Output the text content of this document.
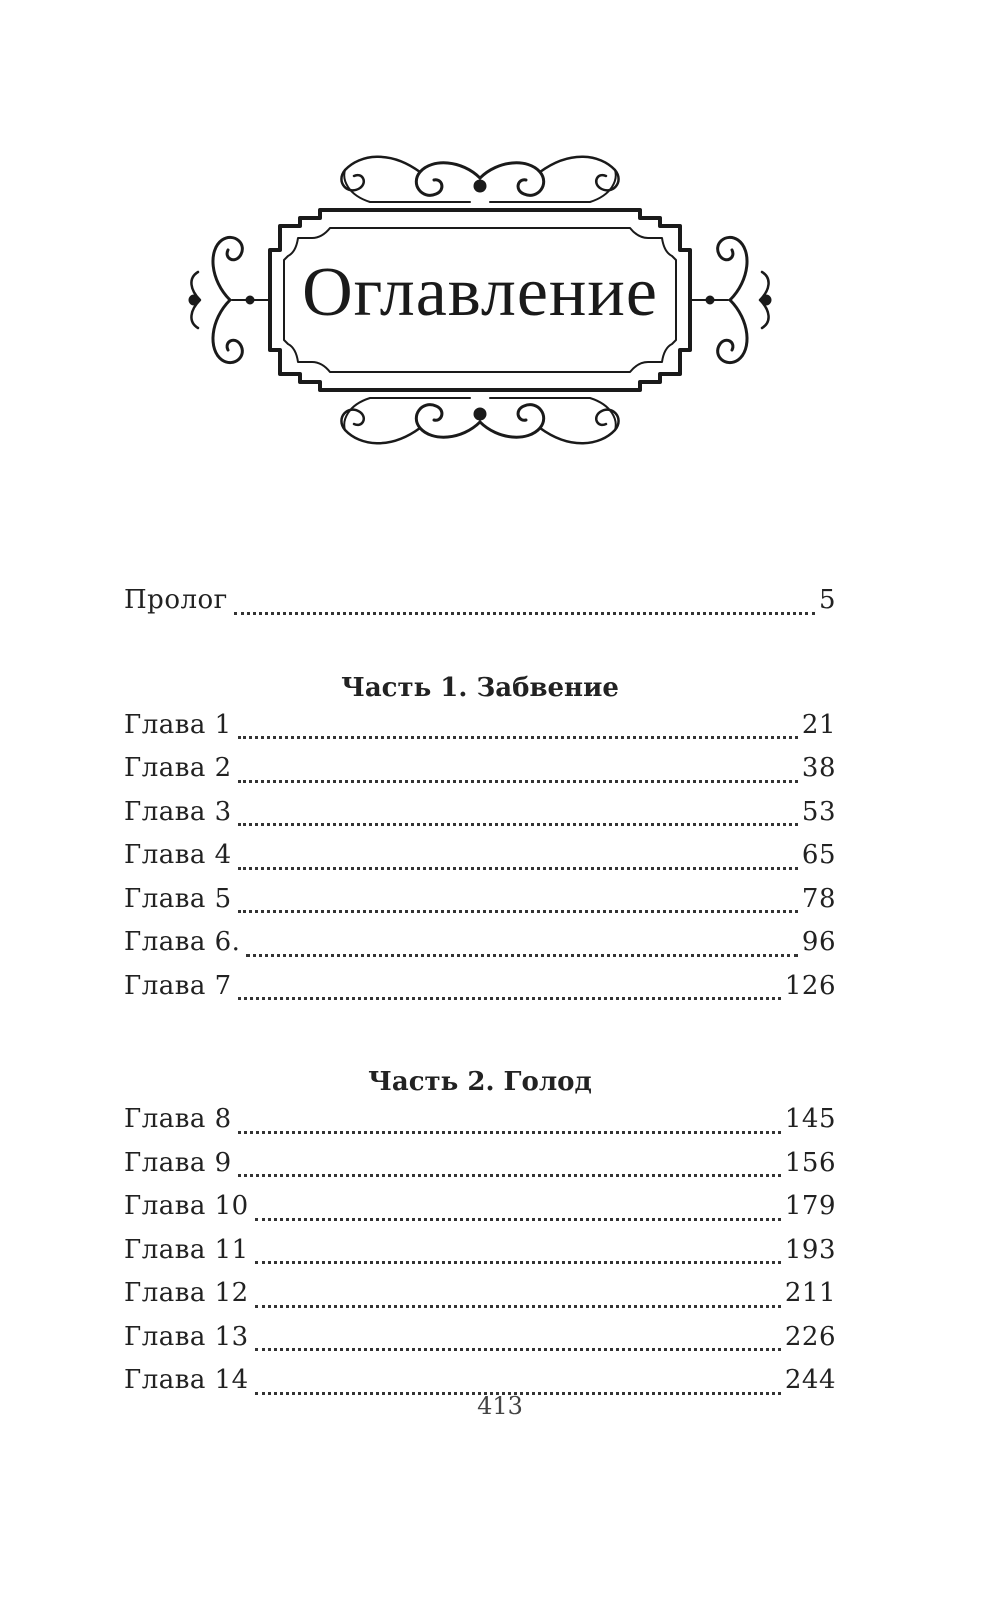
Оглавление
Пролог	5
Часть 1. Забвение
Глава 1	21
Глава 2	38
Глава 3	53
Глава 4	65
Глава 5	78
Глава 6.	96
Глава 7	126
Часть 2. Голод
Глава 8	145
Глава 9	156
Глава 10	179
Глава 11	193
Глава 12	211
Глава 13	226
Глава 14	244
413
